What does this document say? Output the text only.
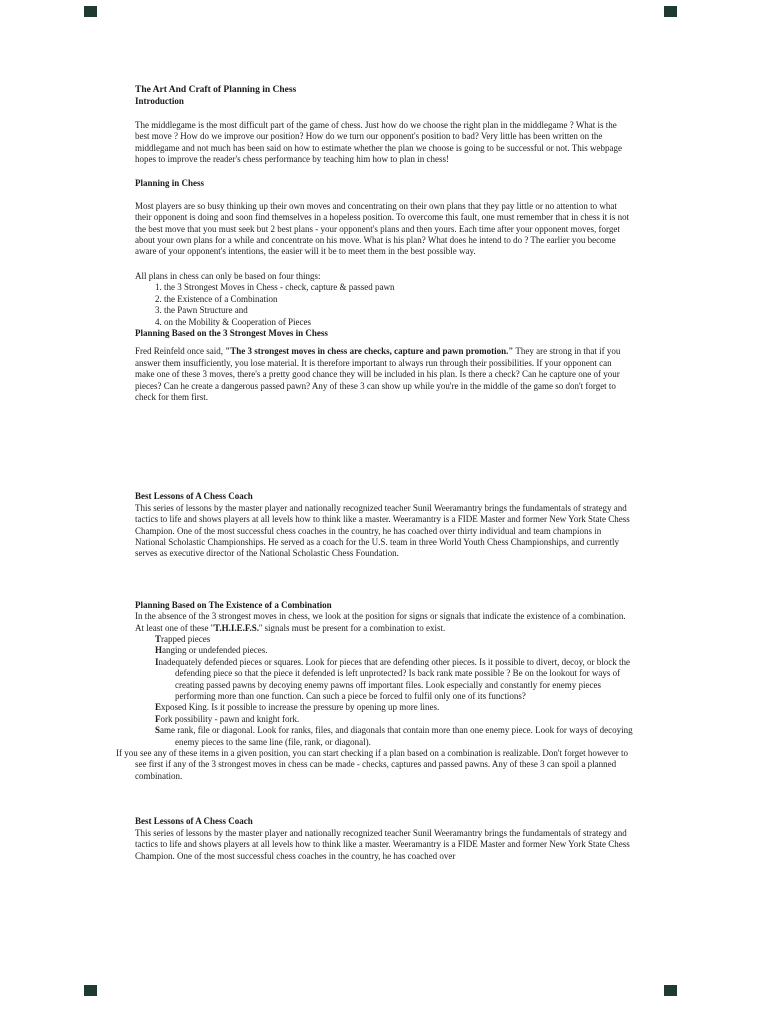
The Art And Craft of Planning in Chess
Introduction

The middlegame is the most difficult part of the game of chess. Just how do we choose the right plan in the middlegame ? What is the best move ? How do we improve our position? How do we turn our opponent's position to bad? Very little has been written on the middlegame and not much has been said on how to estimate whether the plan we choose is going to be successful or not. This webpage hopes to improve the reader's chess performance by teaching him how to plan in chess!

Planning in Chess

Most players are so busy thinking up their own moves and concentrating on their own plans that they pay little or no attention to what their opponent is doing and soon find themselves in a hopeless position. To overcome this fault, one must remember that in chess it is not the best move that you must seek but 2 best plans - your opponent's plans and then yours. Each time after your opponent moves, forget about your own plans for a while and concentrate on his move. What is his plan? What does he intend to do ? The earlier you become aware of your opponent's intentions, the easier will it be to meet them in the best possible way.

All plans in chess can only be based on four things:

1. the 3 Strongest Moves in Chess - check, capture & passed pawn
2. the Existence of a Combination
3. the Pawn Structure and
4. on the Mobility & Cooperation of Pieces
Planning Based on the 3 Strongest Moves in Chess

Fred Reinfeld once said, "The 3 strongest moves in chess are checks, capture and pawn promotion." They are strong in that if you answer them insufficiently, you lose material. It is therefore important to always run through their possibilities. If your opponent can make one of these 3 moves, there's a pretty good chance they will be included in his plan. Is there a check? Can he capture one of your pieces? Can he create a dangerous passed pawn? Any of these 3 can show up while you're in the middle of the game so don't forget to check for them first.

Best Lessons of A Chess Coach

This series of lessons by the master player and nationally recognized teacher Sunil Weeramantry brings the fundamentals of strategy and tactics to life and shows players at all levels how to think like a master. Weeramantry is a FIDE Master and former New York State Chess Champion. One of the most successful chess coaches in the country, he has coached over thirty individual and team champions in National Scholastic Championships. He served as a coach for the U.S. team in three World Youth Chess Championships, and currently serves as executive director of the National Scholastic Chess Foundation.

Planning Based on The Existence of a Combination

In the absence of the 3 strongest moves in chess, we look at the position for signs or signals that indicate the existence of a combination. At least one of these ''T.H.I.E.F.S.'' signals must be present for a combination to exist.

Trapped pieces
Hanging or undefended pieces.
Inadequately defended pieces or squares. Look for pieces that are defending other pieces. Is it possible to divert, decoy, or block the defending piece so that the piece it defended is left unprotected? Is back rank mate possible ? Be on the lookout for ways of creating passed pawns by decoying enemy pawns off important files. Look especially and constantly for enemy pieces performing more than one function. Can such a piece be forced to fulfil only one of its functions?
Exposed King. Is it possible to increase the pressure by opening up more lines.
Fork possibility - pawn and knight fork.
Same rank, file or diagonal. Look for ranks, files, and diagonals that contain more than one enemy piece. Look for ways of decoying enemy pieces to the same line (file, rank, or diagonal).

If you see any of these items in a given position, you can start checking if a plan based on a combination is realizable. Don't forget however to see first if any of the 3 strongest moves in chess can be made - checks, captures and passed pawns. Any of these 3 can spoil a planned combination.

Best Lessons of A Chess Coach

This series of lessons by the master player and nationally recognized teacher Sunil Weeramantry brings the fundamentals of strategy and tactics to life and shows players at all levels how to think like a master. Weeramantry is a FIDE Master and former New York State Chess Champion. One of the most successful chess coaches in the country, he has coached over
